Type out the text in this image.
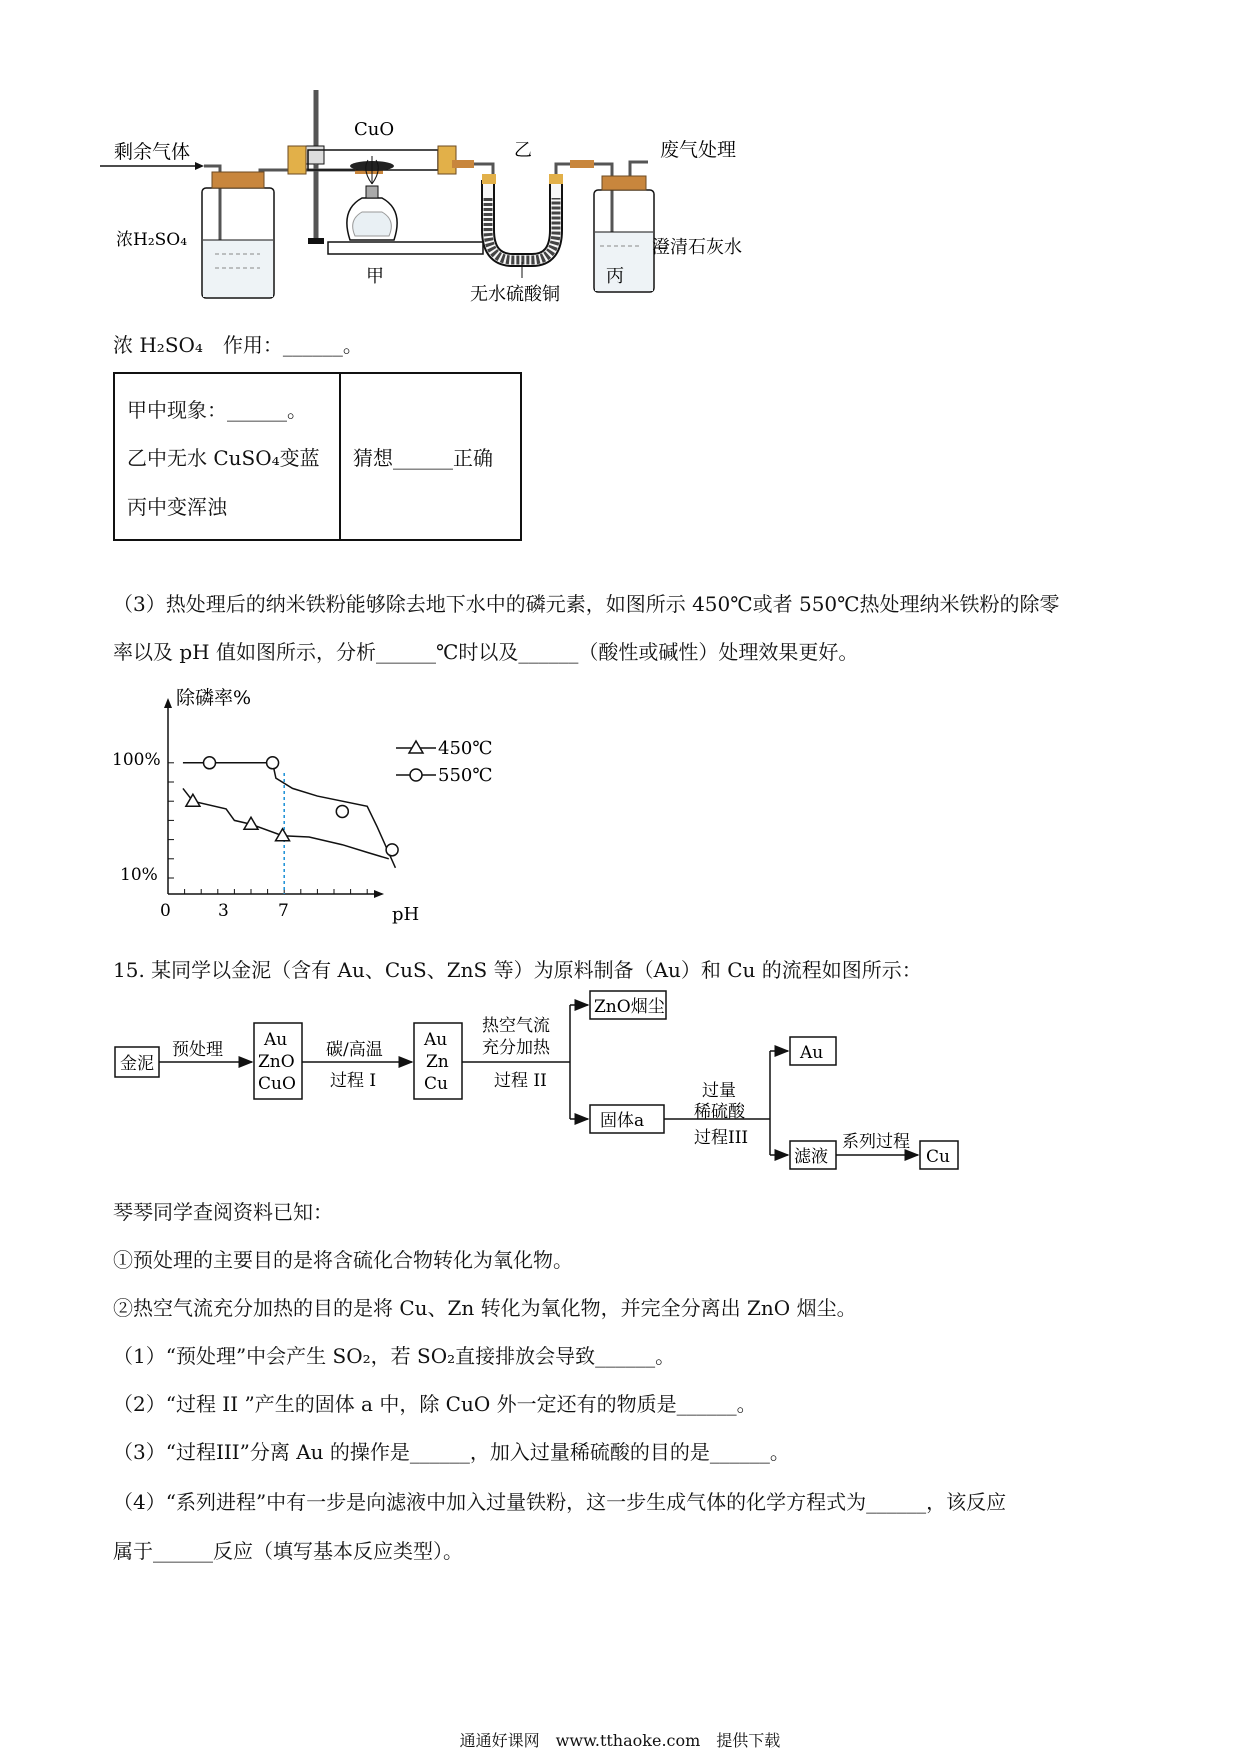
剩余气体
浓H₂SO₄
CuO
甲
乙
无水硫酸铜
澄清石灰水
丙
废气处理
浓 H₂SO₄　作用：______。
甲中现象：______。
乙中无水 CuSO₄变蓝
丙中变浑浊
猜想______正确
（3）热处理后的纳米铁粉能够除去地下水中的磷元素，如图所示 450℃或者 550℃热处理纳米铁粉的除零
率以及 pH 值如图所示，分析______℃时以及______（酸性或碱性）处理效果更好。
除磷率%
pH
100%
10%
0	3	7
450℃
550℃
15. 某同学以金泥（含有 Au、CuS、ZnS 等）为原料制备（Au）和 Cu 的流程如图所示：
金泥
预处理 Au
ZnO
CuO
碳/高温
过程 I
Au
Zn
Cu
热空气流
充分加热
过程 II
ZnO烟尘
固体a
过量
稀硫酸
过程III
Au
滤液
系列过程
Cu
琴琴同学查阅资料已知：
①预处理的主要目的是将含硫化合物转化为氧化物。
②热空气流充分加热的目的是将 Cu、Zn 转化为氧化物，并完全分离出 ZnO 烟尘。
（1）“预处理”中会产生 SO₂，若 SO₂直接排放会导致______。
（2）“过程 II ”产生的固体 a 中，除 CuO 外一定还有的物质是______。
（3）“过程III”分离 Au 的操作是______，加入过量稀硫酸的目的是______。
（4）“系列进程”中有一步是向滤液中加入过量铁粉，这一步生成气体的化学方程式为______，该反应
属于______反应（填写基本反应类型）。
通通好课网　www.tthaoke.com　提供下载
